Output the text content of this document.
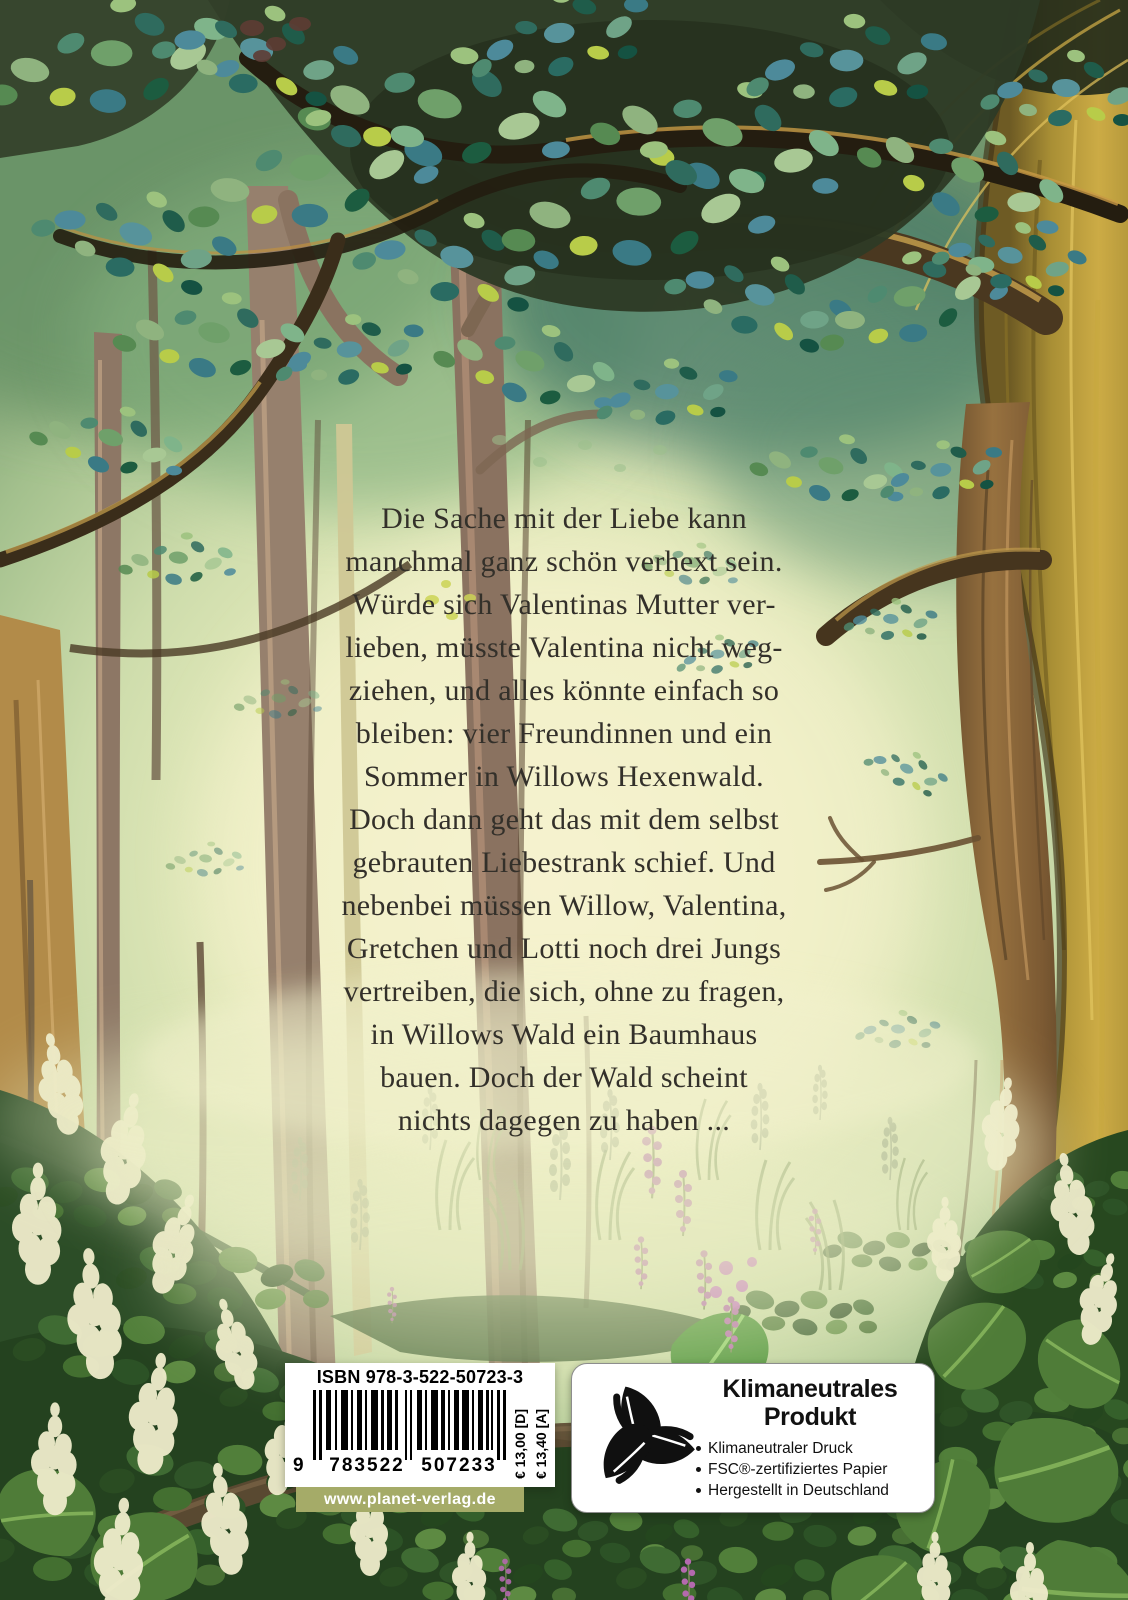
Die Sache mit der Liebe kann
manchmal ganz schön verhext sein.
Würde sich Valentinas Mutter ver-
lieben, müsste Valentina nicht weg-
ziehen, und alles könnte einfach so
bleiben: vier Freundinnen und ein
Sommer in Willows Hexenwald.
Doch dann geht das mit dem selbst
gebrauten Liebestrank schief. Und
nebenbei müssen Willow, Valentina,
Gretchen und Lotti noch drei Jungs
vertreiben, die sich, ohne zu fragen,
in Willows Wald ein Baumhaus
bauen. Doch der Wald scheint
nichts dagegen zu haben ...
ISBN 978-3-522-50723-3
9 783522 507233	€ 13,00 [D] € 13,40 [A]
www.planet-verlag.de
Klimaneutrales
Produkt
Klimaneutraler Druck
FSC®-zertifiziertes Papier
Hergestellt in Deutschland
